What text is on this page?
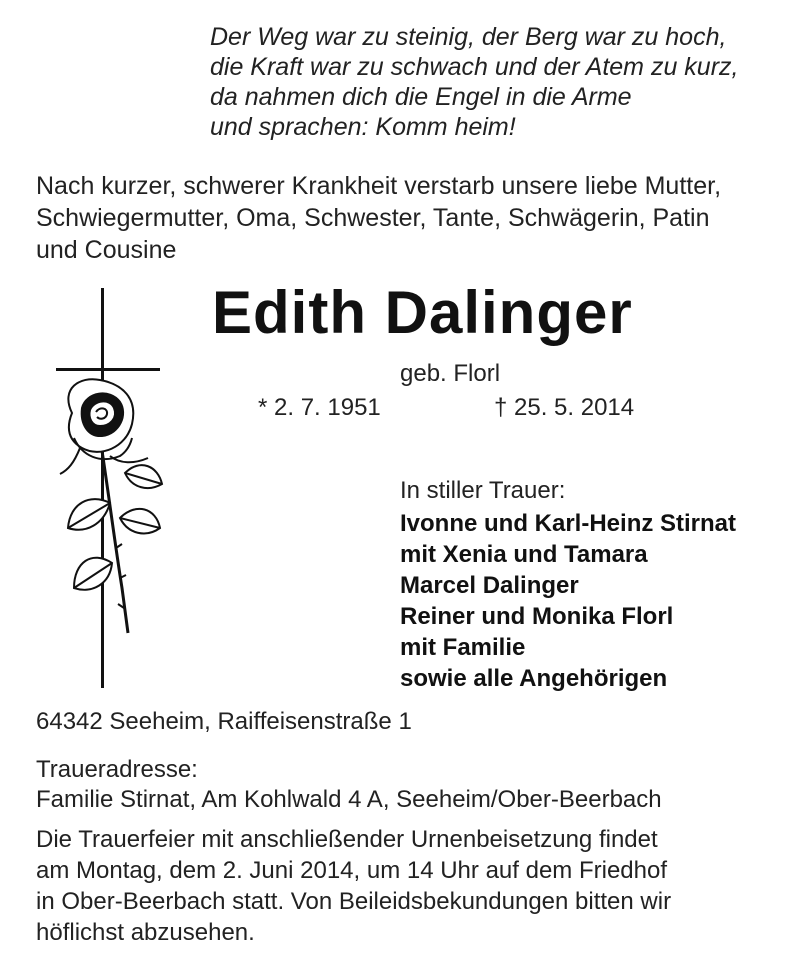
Der Weg war zu steinig, der Berg war zu hoch,
die Kraft war zu schwach und der Atem zu kurz,
da nahmen dich die Engel in die Arme
und sprachen: Komm heim!
Nach kurzer, schwerer Krankheit verstarb unsere liebe Mutter,
Schwiegermutter, Oma, Schwester, Tante, Schwägerin, Patin
und Cousine
Edith Dalinger
geb. Florl
* 2. 7. 1951	† 25. 5. 2014
In stiller Trauer:
Ivonne und Karl-Heinz Stirnat
mit Xenia und Tamara
Marcel Dalinger
Reiner und Monika Florl
mit Familie
sowie alle Angehörigen
64342 Seeheim, Raiffeisenstraße 1
Traueradresse:
Familie Stirnat, Am Kohlwald 4 A, Seeheim/Ober-Beerbach
Die Trauerfeier mit anschließender Urnenbeisetzung findet
am Montag, dem 2. Juni 2014, um 14 Uhr auf dem Friedhof
in Ober-Beerbach statt. Von Beileidsbekundungen bitten wir
höflichst abzusehen.
